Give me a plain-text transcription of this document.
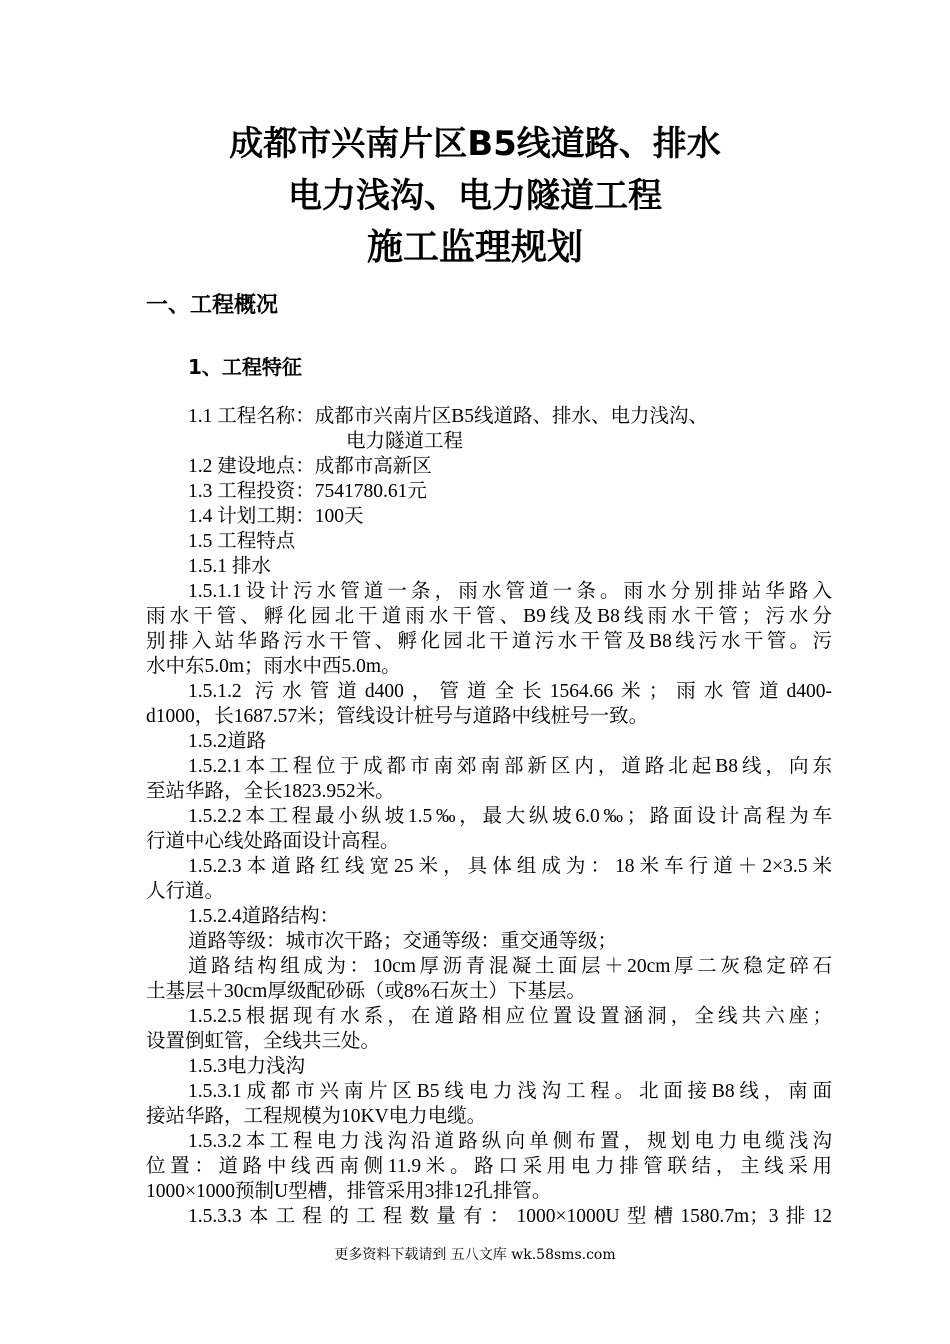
成都市兴南片区B5线道路、排水
电力浅沟、电力隧道工程
施工监理规划
一、工程概况
1、工程特征
1.1 工程名称：成都市兴南片区B5线道路、排水、电力浅沟、
电力隧道工程
1.2 建设地点：成都市高新区
1.3 工程投资：7541780.61元
1.4 计划工期：100天
1.5 工程特点
1.5.1 排水
1.5.1.1设计污水管道一条，雨水管道一条。雨水分别排站华路入
雨水干管、孵化园北干道雨水干管、B9线及B8线雨水干管；污水分
别排入站华路污水干管、孵化园北干道污水干管及B8线污水干管。污
水中东5.0m；雨水中西5.0m。
1.5.1.2 污水管道d400，管道全长1564.66米；雨水管道d400-
d1000，长1687.57米；管线设计桩号与道路中线桩号一致。
1.5.2道路
1.5.2.1本工程位于成都市南郊南部新区内，道路北起B8线，向东
至站华路，全长1823.952米。
1.5.2.2本工程最小纵坡1.5‰，最大纵坡6.0‰；路面设计高程为车
行道中心线处路面设计高程。
1.5.2.3本道路红线宽25米，具体组成为：18米车行道＋2×3.5米
人行道。
1.5.2.4道路结构：
道路等级：城市次干路；交通等级：重交通等级；
道路结构组成为：10cm厚沥青混凝土面层＋20cm厚二灰稳定碎石
土基层＋30cm厚级配砂砾（或8%石灰土）下基层。
1.5.2.5根据现有水系，在道路相应位置设置涵洞，全线共六座；
设置倒虹管，全线共三处。
1.5.3电力浅沟
1.5.3.1成都市兴南片区B5线电力浅沟工程。北面接B8线，南面
接站华路，工程规模为10KV电力电缆。
1.5.3.2本工程电力浅沟沿道路纵向单侧布置，规划电力电缆浅沟
位置：道路中线西南侧11.9米。路口采用电力排管联结，主线采用
1000×1000预制U型槽，排管采用3排12孔排管。
1.5.3.3本工程的工程数量有：1000×1000U型槽1580.7m；3排12
更多资料下载请到 五八文库 wk.58sms.com
